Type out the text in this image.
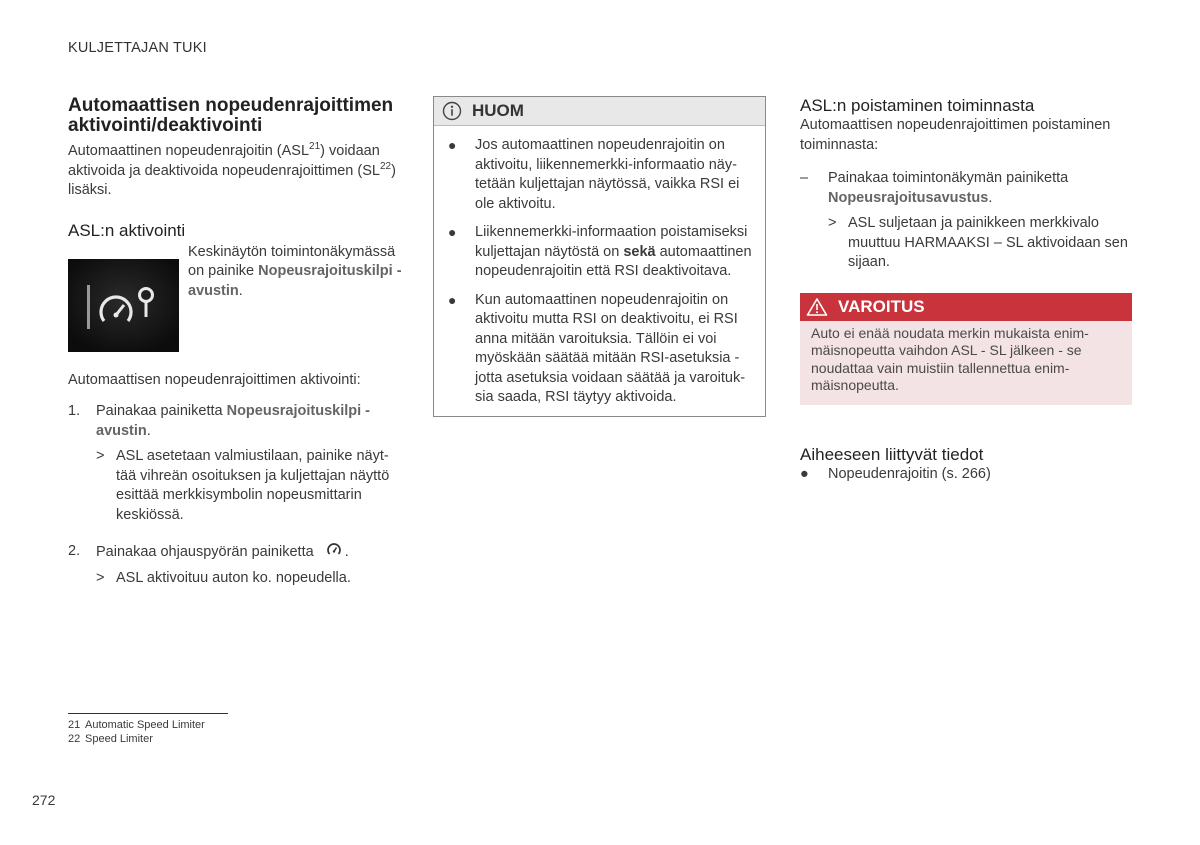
KULJETTAJAN TUKI
Automaattisen nopeudenrajoittimen aktivointi/deaktivointi

Automaattinen nopeudenrajoitin (ASL$^{21}$) voidaan aktivoida ja deaktivoida nopeudenrajoittimen (SL$^{22}$) lisäksi.

ASL:n aktivointi
Keskinäytön toimintonäkymässä on painike Nopeusrajoituskilpi -avustin.

Automaattisen nopeudenrajoittimen aktivointi:

1. Painakaa painiketta Nopeusrajoituskilpi -avustin.
> ASL asetetaan valmiustilaan, painike näyttää vihreän osoituksen ja kuljettajan näyttö esittää merkkisymbolin nopeusmittarin keskiössä.
2. Painakaa ohjauspyörän painiketta .
> ASL aktivoituu auton ko. nopeudella.
HUOM
● Jos automaattinen nopeudenrajoitin on aktivoitu, liikennemerkki-informaatio näytetään kuljettajan näytössä, vaikka RSI ei ole aktivoitu.
● Liikennemerkki-informaation poistamiseksi kuljettajan näytöstä on sekä automaattinen nopeudenrajoitin että RSI deaktivoitava.
● Kun automaattinen nopeudenrajoitin on aktivoitu mutta RSI on deaktivoitu, ei RSI anna mitään varoituksia. Tällöin ei voi myöskään säätää mitään RSI-asetuksia - jotta asetuksia voidaan säätää ja varoituksia saada, RSI täytyy aktivoida.
ASL:n poistaminen toiminnasta

Automaattisen nopeudenrajoittimen poistaminen toiminnasta:

– Painakaa toimintonäkymän painiketta Nopeusrajoitusavustus.
> ASL suljetaan ja painikkeen merkkivalo muuttuu HARMAAKSI – SL aktivoidaan sen sijaan.
VAROITUS
Auto ei enää noudata merkin mukaista enimmäisnopeutta vaihdon ASL - SL jälkeen - se noudattaa vain muistiin tallennettua enimmäisnopeutta.
Aiheeseen liittyvät tiedot
● Nopeudenrajoitin (s. 266)
21 Automatic Speed Limiter
22 Speed Limiter
272
